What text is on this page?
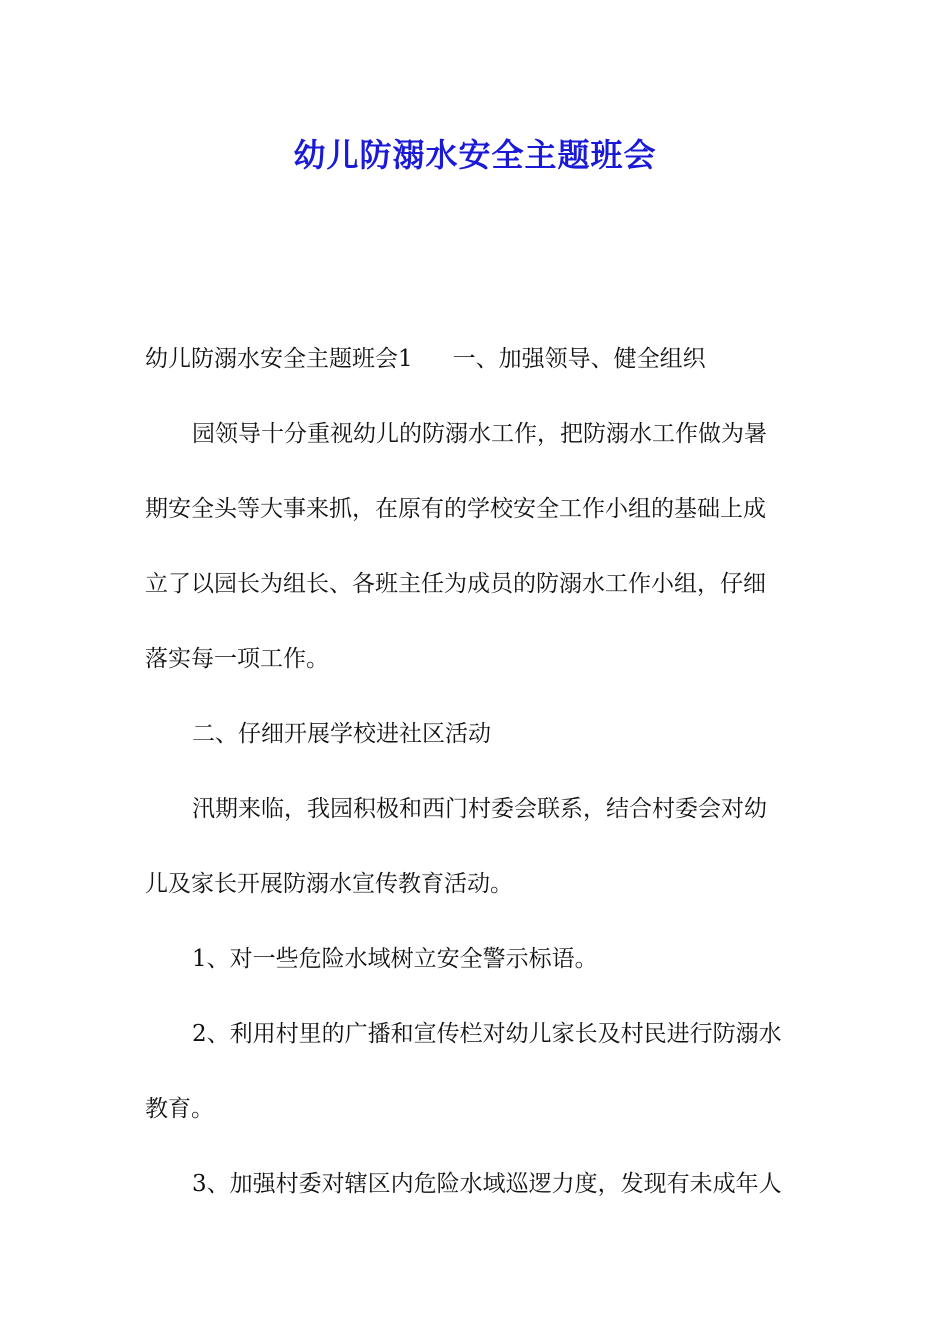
幼儿防溺水安全主题班会
幼儿防溺水安全主题班会1 一、加强领导、健全组织
园领导十分重视幼儿的防溺水工作，把防溺水工作做为暑
期安全头等大事来抓，在原有的学校安全工作小组的基础上成
立了以园长为组长、各班主任为成员的防溺水工作小组，仔细
落实每一项工作。
二、仔细开展学校进社区活动
汛期来临，我园积极和西门村委会联系，结合村委会对幼
儿及家长开展防溺水宣传教育活动。
1、对一些危险水域树立安全警示标语。
2、利用村里的广播和宣传栏对幼儿家长及村民进行防溺水
教育。
3、加强村委对辖区内危险水域巡逻力度，发现有未成年人
